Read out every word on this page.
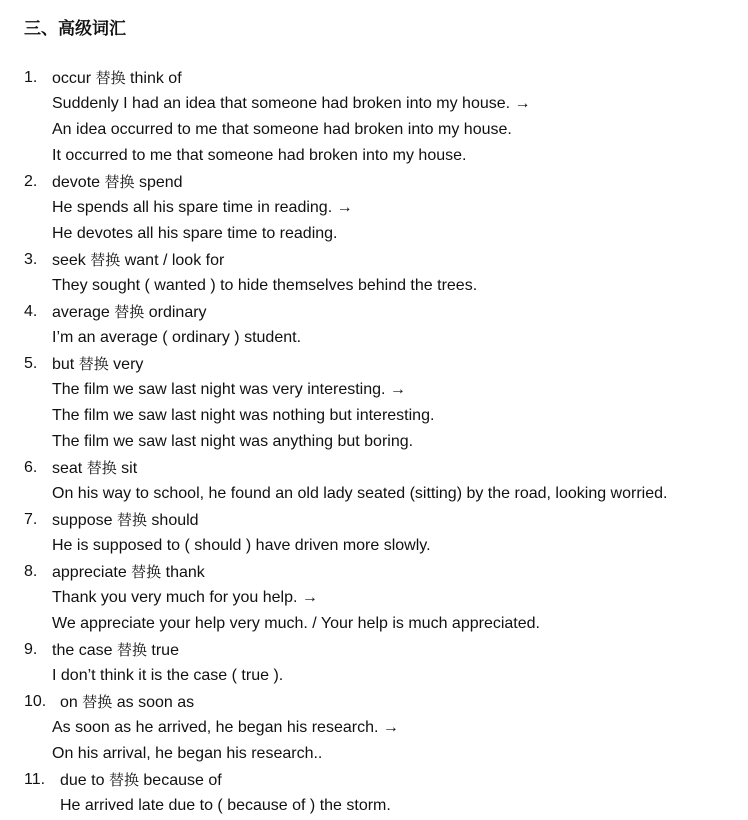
三、高级词汇
1. occur 替换 think of
Suddenly I had an idea that someone had broken into my house. →
An idea occurred to me that someone had broken into my house.
It occurred to me that someone had broken into my house.
2. devote 替换 spend
He spends all his spare time in reading. →
He devotes all his spare time to reading.
3. seek 替换 want / look for
They sought ( wanted ) to hide themselves behind the trees.
4. average 替换 ordinary
I’m an average ( ordinary ) student.
5. but 替换 very
The film we saw last night was very interesting. →
The film we saw last night was nothing but interesting.
The film we saw last night was anything but boring.
6. seat 替换 sit
On his way to school, he found an old lady seated (sitting) by the road, looking worried.
7. suppose 替换 should
He is supposed to ( should ) have driven more slowly.
8. appreciate 替换 thank
Thank you very much for you help. →
We appreciate your help very much. / Your help is much appreciated.
9. the case 替换 true
I don’t think it is the case ( true ).
10. on 替换 as soon as
As soon as he arrived, he began his research. →
On his arrival, he began his research..
11. due to 替换 because of
He arrived late due to ( because of ) the storm.
